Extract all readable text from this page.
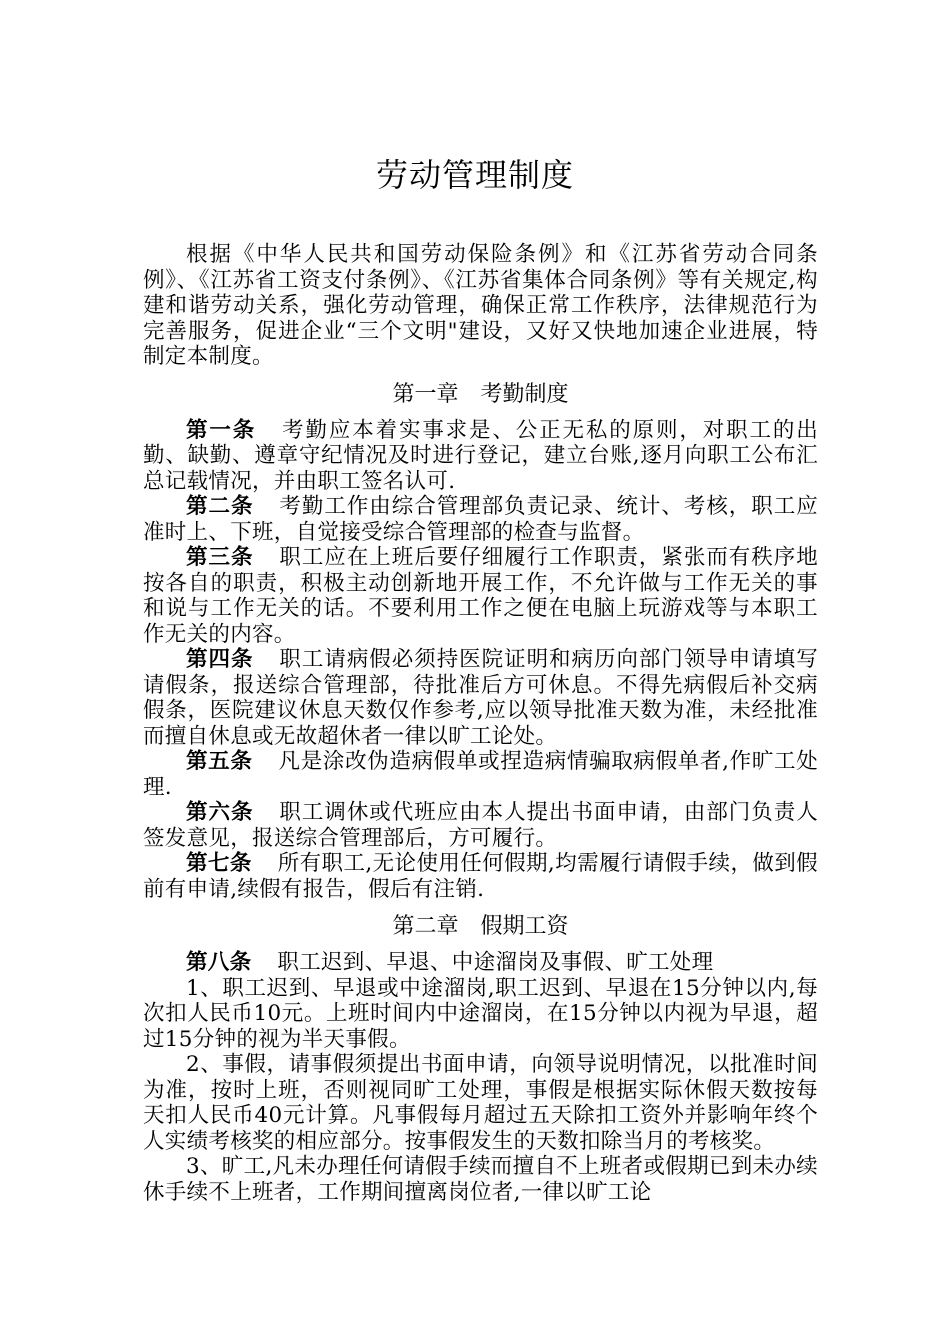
劳动管理制度

根据《中华人民共和国劳动保险条例》和《江苏省劳动合同条例》、《江苏省工资支付条例》、《江苏省集体合同条例》等有关规定,构建和谐劳动关系，强化劳动管理，确保正常工作秩序，法律规范行为完善服务，促进企业“三个文明"建设，又好又快地加速企业进展，特制定本制度。

第一章 考勤制度

第一条 考勤应本着实事求是、公正无私的原则，对职工的出勤、缺勤、遵章守纪情况及时进行登记，建立台账,逐月向职工公布汇总记载情况，并由职工签名认可.

第二条 考勤工作由综合管理部负责记录、统计、考核，职工应准时上、下班，自觉接受综合管理部的检查与监督。

第三条 职工应在上班后要仔细履行工作职责，紧张而有秩序地按各自的职责，积极主动创新地开展工作，不允许做与工作无关的事和说与工作无关的话。不要利用工作之便在电脑上玩游戏等与本职工作无关的内容。

第四条 职工请病假必须持医院证明和病历向部门领导申请填写请假条，报送综合管理部，待批准后方可休息。不得先病假后补交病假条，医院建议休息天数仅作参考,应以领导批准天数为准，未经批准而擅自休息或无故超休者一律以旷工论处。

第五条 凡是涂改伪造病假单或捏造病情骗取病假单者,作旷工处理.

第六条 职工调休或代班应由本人提出书面申请，由部门负责人签发意见，报送综合管理部后，方可履行。

第七条 所有职工,无论使用任何假期,均需履行请假手续，做到假前有申请,续假有报告，假后有注销.

第二章 假期工资

第八条 职工迟到、早退、中途溜岗及事假、旷工处理

1、职工迟到、早退或中途溜岗,职工迟到、早退在15分钟以内,每次扣人民币10元。上班时间内中途溜岗，在15分钟以内视为早退，超过15分钟的视为半天事假。

2、事假，请事假须提出书面申请，向领导说明情况，以批准时间为准，按时上班，否则视同旷工处理，事假是根据实际休假天数按每天扣人民币40元计算。凡事假每月超过五天除扣工资外并影响年终个人实绩考核奖的相应部分。按事假发生的天数扣除当月的考核奖。

3、旷工,凡未办理任何请假手续而擅自不上班者或假期已到未办续休手续不上班者，工作期间擅离岗位者,一律以旷工论
